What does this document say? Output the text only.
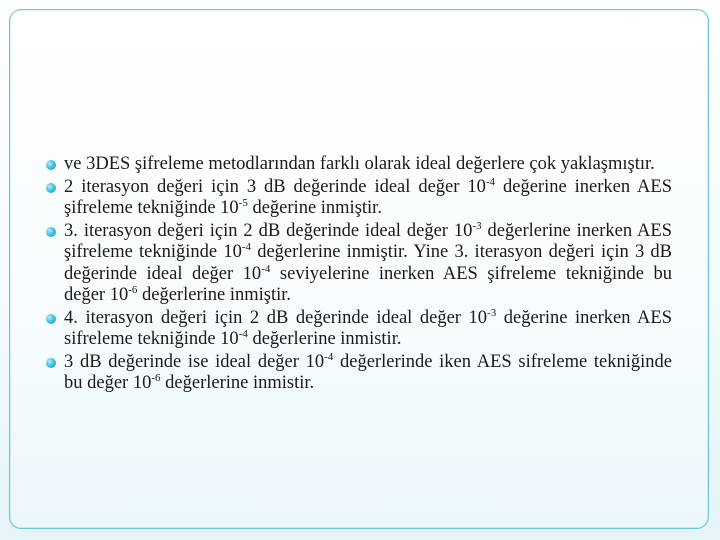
ve 3DES şifreleme metodlarından farklı olarak ideal değerlere çok yaklaşmıştır.
2 iterasyon değeri için 3 dB değerinde ideal değer $10^{-4}$ değerine inerken AES şifreleme tekniğinde $10^{-5}$ değerine inmiştir.
3. iterasyon değeri için 2 dB değerinde ideal değer $10^{-3}$ değerlerine inerken AES şifreleme tekniğinde $10^{-4}$ değerlerine inmiştir. Yine 3. iterasyon değeri için 3 dB değerinde ideal değer $10^{-4}$ seviyelerine inerken AES şifreleme tekniğinde bu değer $10^{-6}$ değerlerine inmiştir.
4. iterasyon değeri için 2 dB değerinde ideal değer $10^{-3}$ değerine inerken AES sifreleme tekniğinde $10^{-4}$ değerlerine inmistir.
3 dB değerinde ise ideal değer $10^{-4}$ değerlerinde iken AES sifreleme tekniğinde bu değer $10^{-6}$ değerlerine inmistir.
